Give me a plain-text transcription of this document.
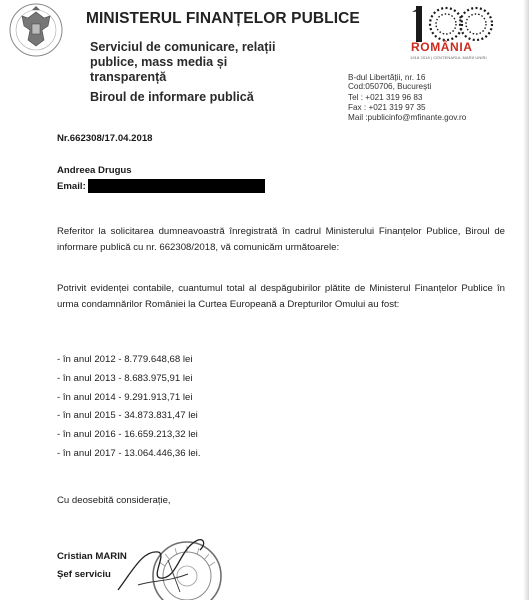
MINISTERUL FINANȚELOR PUBLICE
Serviciul de comunicare, relații
publice, mass media și
transparență
Biroul de informare publică
ROMÂNIA
1918 2018 | CENTENARUL MARII UNIRI
B-dul Libertății, nr. 16
Cod:050706, București
Tel : +021 319 96 83
Fax : +021 319 97 35
Mail :publicinfo@mfinante.gov.ro
Nr.662308/17.04.2018
Andreea Drugus
Email:
Referitor la solicitarea dumneavoastră înregistrată în cadrul Ministerului Finanțelor Publice, Biroul de informare publică cu nr. 662308/2018, vă comunicăm următoarele:
Potrivit evidenței contabile, cuantumul total al despăgubirilor plătite de Ministerul Finanțelor Publice în urma condamnărilor României la Curtea Europeană a Drepturilor Omului au fost:
- în anul 2012 - 8.779.648,68 lei
- în anul 2013 - 8.683.975,91 lei
- în anul 2014 - 9.291.913,71 lei
- în anul 2015 - 34.873.831,47 lei
- în anul 2016 - 16.659.213,32 lei
- în anul 2017 - 13.064.446,36 lei.
Cu deosebită considerație,
Cristian MARIN
Șef serviciu
